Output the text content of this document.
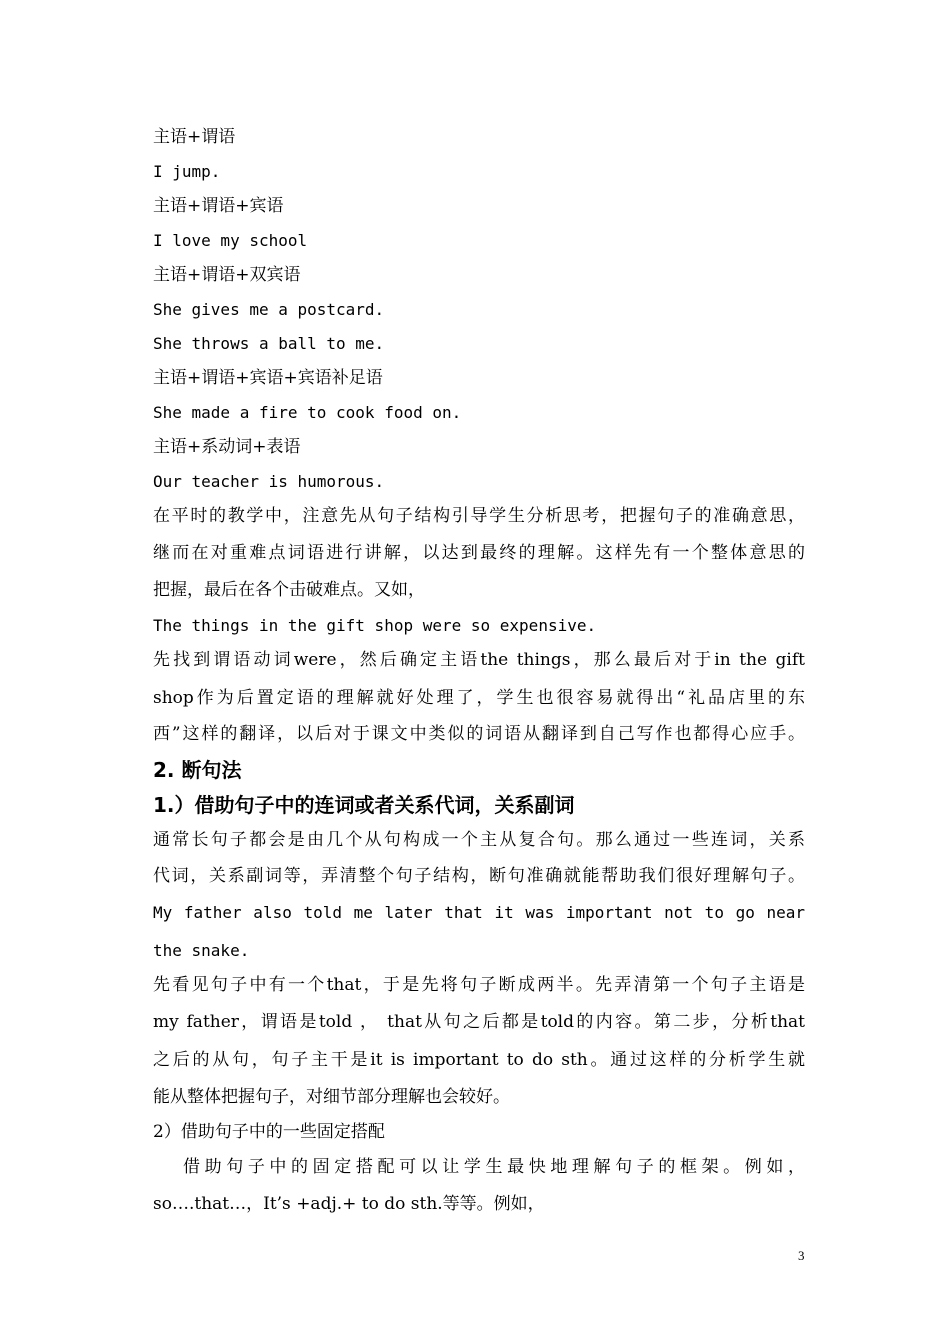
主语+谓语
I jump.
主语+谓语+宾语
I love my school
主语+谓语+双宾语
She gives me a postcard.
She throws a ball to me.
主语+谓语+宾语+宾语补足语
She made a fire to cook food on.
主语+系动词+表语
Our teacher is humorous.
在平时的教学中，注意先从句子结构引导学生分析思考，把握句子的准确意思，
继而在对重难点词语进行讲解，以达到最终的理解。这样先有一个整体意思的
把握，最后在各个击破难点。又如，
The things in the gift shop were so expensive.
先找到谓语动词were，然后确定主语the things，那么最后对于in the gift
shop作为后置定语的理解就好处理了，学生也很容易就得出“礼品店里的东
西”这样的翻译，以后对于课文中类似的词语从翻译到自己写作也都得心应手。
2. 断句法
1.）借助句子中的连词或者关系代词，关系副词
通常长句子都会是由几个从句构成一个主从复合句。那么通过一些连词，关系
代词，关系副词等，弄清整个句子结构，断句准确就能帮助我们很好理解句子。
My father also told me later that it was important not to go near
the snake.
先看见句子中有一个that，于是先将句子断成两半。先弄清第一个句子主语是
my father，谓语是told ， that从句之后都是told的内容。第二步，分析that
之后的从句，句子主干是it is important to do sth。通过这样的分析学生就
能从整体把握句子，对细节部分理解也会较好。
2）借助句子中的一些固定搭配
借助句子中的固定搭配可以让学生最快地理解句子的框架。例如，
so….that…，It’s +adj.+ to do sth.等等。例如，
3
